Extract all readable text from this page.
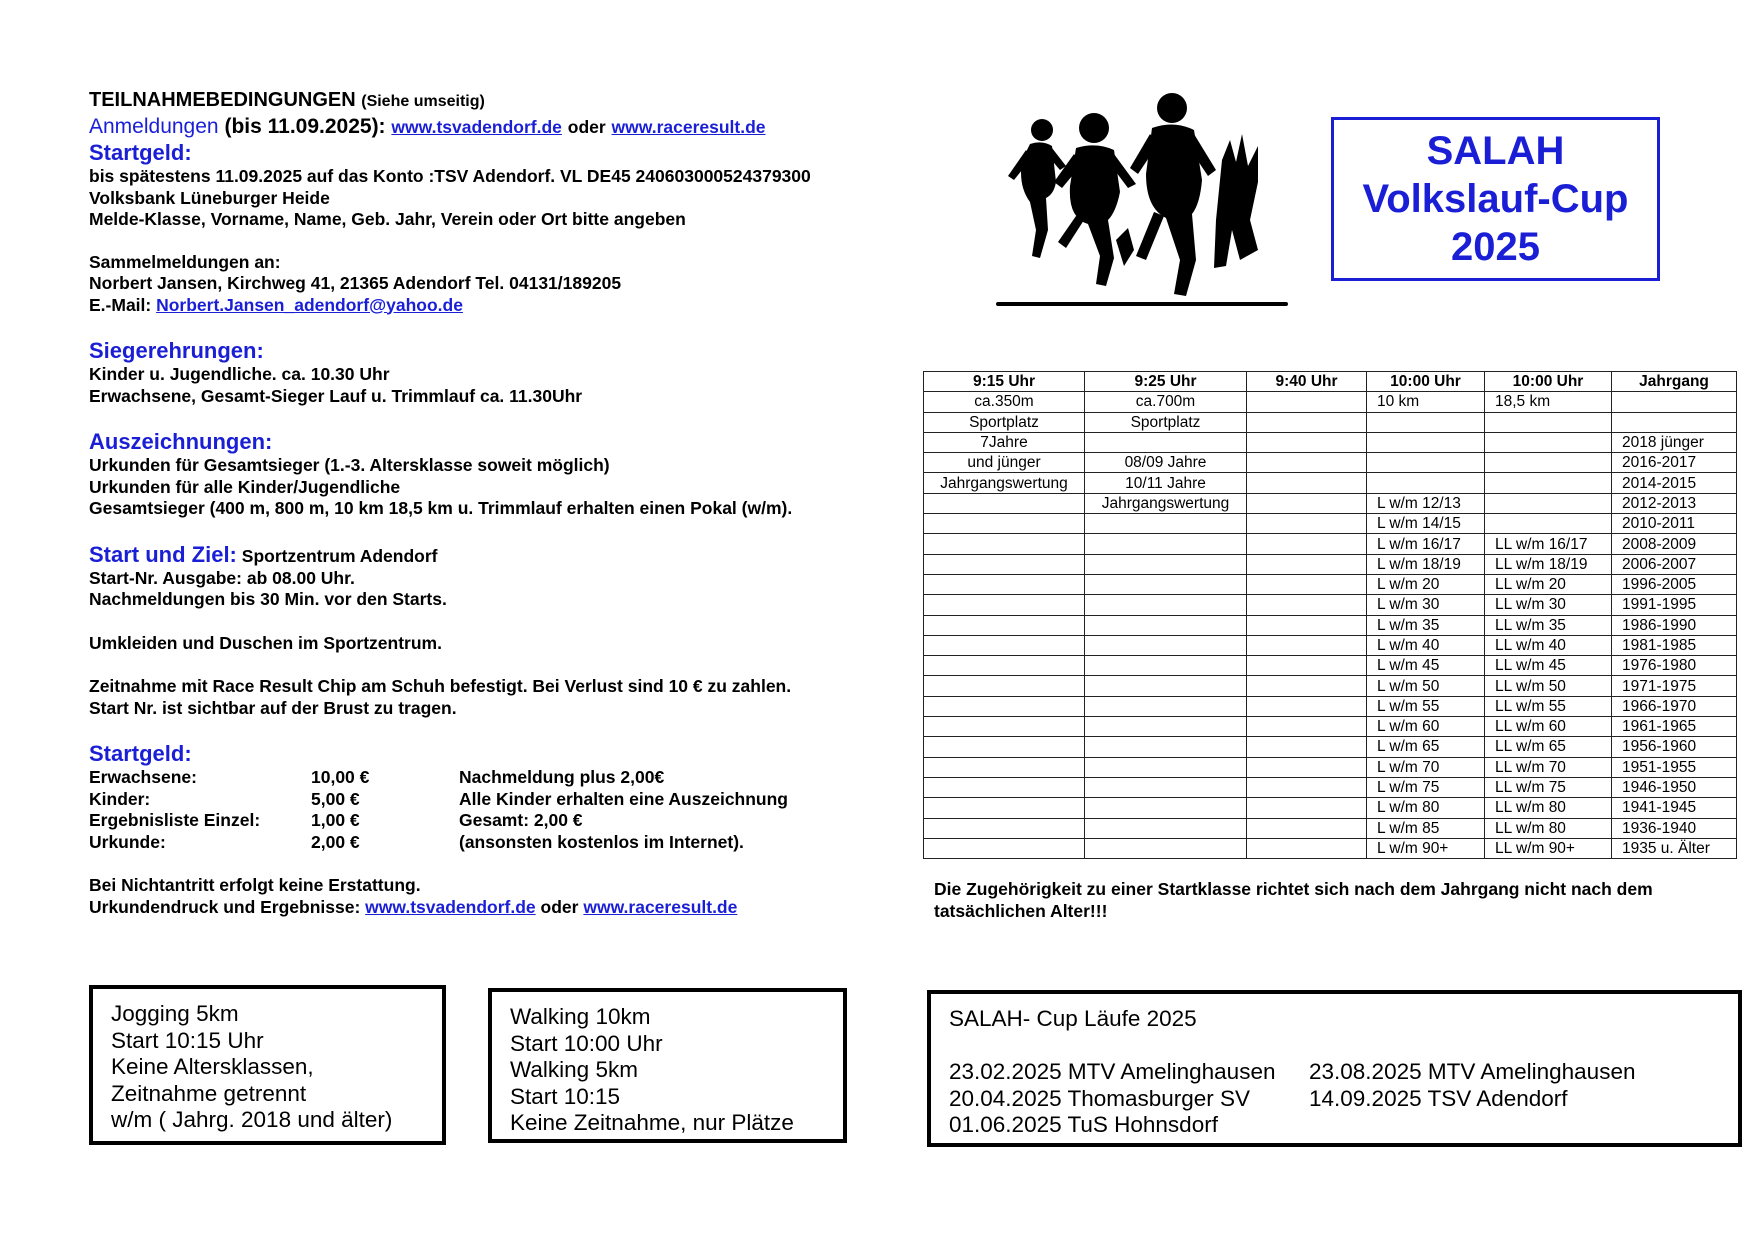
TEILNAHMEBEDINGUNGEN (Siehe umseitig)
Anmeldungen (bis 11.09.2025): www.tsvadendorf.de oder www.raceresult.de
Startgeld:
bis spätestens 11.09.2025 auf das Konto :TSV Adendorf. VL DE45 240603000524379300
Volksbank Lüneburger Heide
Melde-Klasse, Vorname, Name, Geb. Jahr, Verein oder Ort bitte angeben
Sammelmeldungen an:
Norbert Jansen, Kirchweg 41, 21365 Adendorf Tel. 04131/189205
E.-Mail: Norbert.Jansen_adendorf@yahoo.de
Siegerehrungen:
Kinder u. Jugendliche. ca. 10.30 Uhr
Erwachsene, Gesamt-Sieger Lauf u. Trimmlauf ca. 11.30Uhr
Auszeichnungen:
Urkunden für Gesamtsieger (1.-3. Altersklasse soweit möglich)
Urkunden für alle Kinder/Jugendliche
Gesamtsieger (400 m, 800 m, 10 km 18,5 km u. Trimmlauf erhalten einen Pokal (w/m).
Start und Ziel: Sportzentrum Adendorf
Start-Nr. Ausgabe: ab 08.00 Uhr.
Nachmeldungen bis 30 Min. vor den Starts.
Umkleiden und Duschen im Sportzentrum.
Zeitnahme mit Race Result Chip am Schuh befestigt. Bei Verlust sind 10 € zu zahlen.
Start Nr. ist sichtbar auf der Brust zu tragen.
Startgeld:
Erwachsene:	10,00 €	Nachmeldung plus 2,00€
Kinder:	5,00 €	Alle Kinder erhalten eine Auszeichnung
Ergebnisliste Einzel:	1,00 €	Gesamt: 2,00 €
Urkunde:	2,00 €	(ansonsten kostenlos im Internet).
Bei Nichtantritt erfolgt keine Erstattung.
Urkundendruck und Ergebnisse: www.tsvadendorf.de oder www.raceresult.de
SALAH
Volkslauf-Cup
2025
9:15 Uhr	9:25 Uhr	9:40 Uhr	10:00 Uhr	10:00 Uhr	Jahrgang
ca.350m	ca.700m		10 km	18,5 km	
Sportplatz	Sportplatz				
7Jahre					2018 jünger
und jünger	08/09 Jahre				2016-2017
Jahrgangswertung	10/11 Jahre				2014-2015
	Jahrgangswertung		L w/m 12/13		2012-2013
			L w/m 14/15		2010-2011
			L w/m 16/17	LL w/m 16/17	2008-2009
			L w/m 18/19	LL w/m 18/19	2006-2007
			L w/m 20	LL w/m 20	1996-2005
			L w/m 30	LL w/m 30	1991-1995
			L w/m 35	LL w/m 35	1986-1990
			L w/m 40	LL w/m 40	1981-1985
			L w/m 45	LL w/m 45	1976-1980
			L w/m 50	LL w/m 50	1971-1975
			L w/m 55	LL w/m 55	1966-1970
			L w/m 60	LL w/m 60	1961-1965
			L w/m 65	LL w/m 65	1956-1960
			L w/m 70	LL w/m 70	1951-1955
			L w/m 75	LL w/m 75	1946-1950
			L w/m 80	LL w/m 80	1941-1945
			L w/m 85	LL w/m 80	1936-1940
			L w/m 90+	LL w/m 90+	1935 u. Älter
Die Zugehörigkeit zu einer Startklasse richtet sich nach dem Jahrgang nicht nach dem tatsächlichen Alter!!!
Jogging 5km
Start 10:15 Uhr
Keine Altersklassen,
Zeitnahme getrennt
w/m ( Jahrg. 2018 und älter)
Walking 10km
Start 10:00 Uhr
Walking 5km
Start 10:15
Keine Zeitnahme, nur Plätze
SALAH- Cup Läufe 2025
23.02.2025 MTV Amelinghausen	23.08.2025 MTV Amelinghausen
20.04.2025 Thomasburger SV	14.09.2025 TSV Adendorf
01.06.2025 TuS Hohnsdorf
